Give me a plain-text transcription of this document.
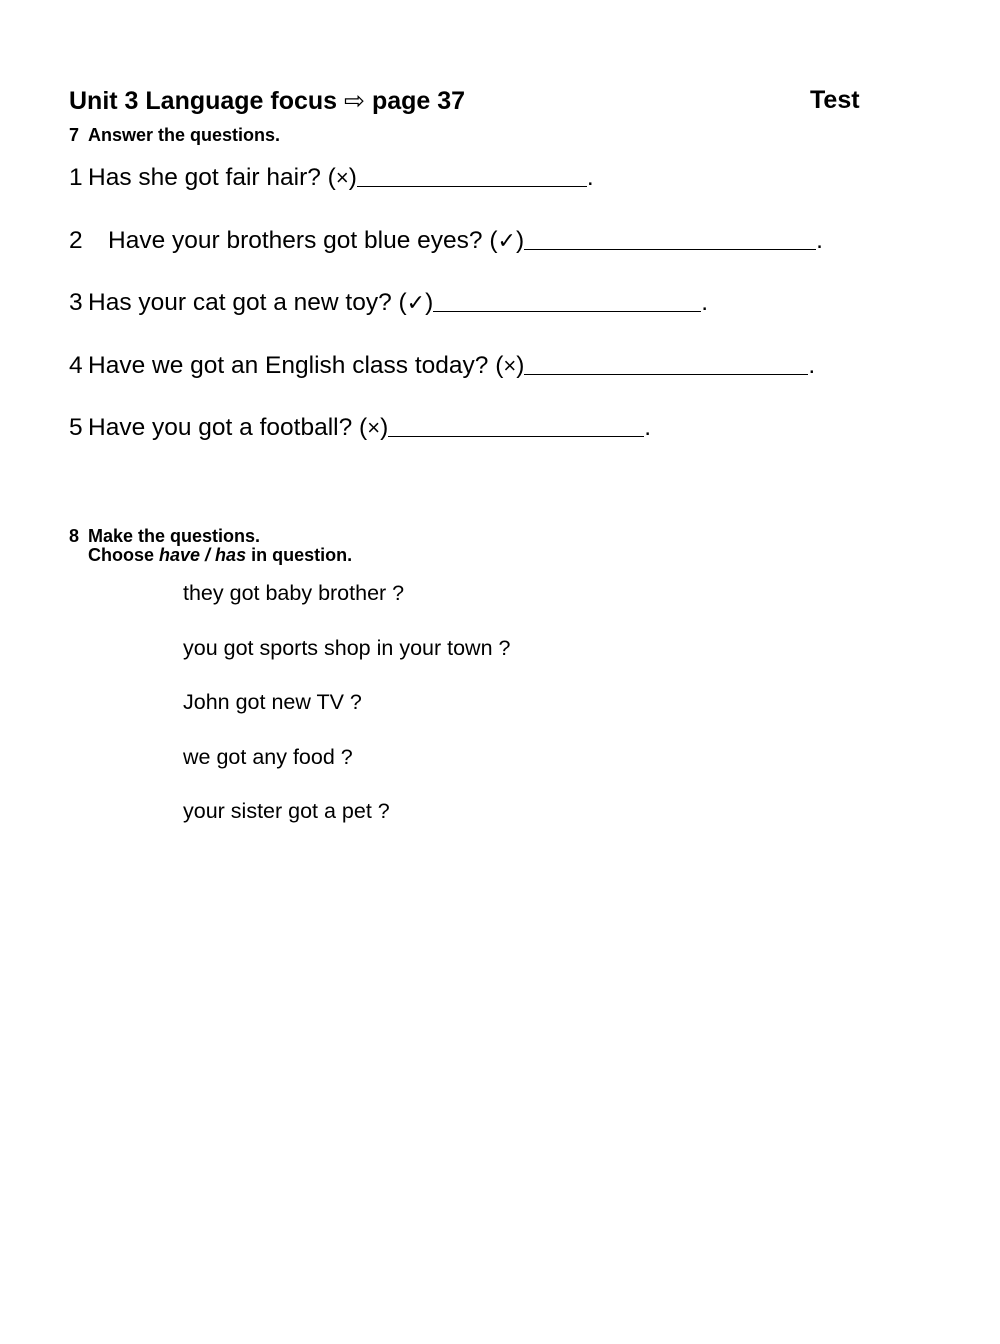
Unit 3 Language focus ⇨ page 37	Test
7 Answer the questions.
1 Has she got fair hair? ( × )	.
2	Have your brothers got blue eyes? ( ✓ )	.
3 Has your cat got a new toy? ( ✓ )	.
4 Have we got an English class today? ( × )	.
5 Have you got a football? ( × )	.
8 Make the questions.
Choose have / has in question.
they got baby brother ?
you got sports shop in your town ?
John got new TV ?
we got any food ?
your sister got a pet ?
